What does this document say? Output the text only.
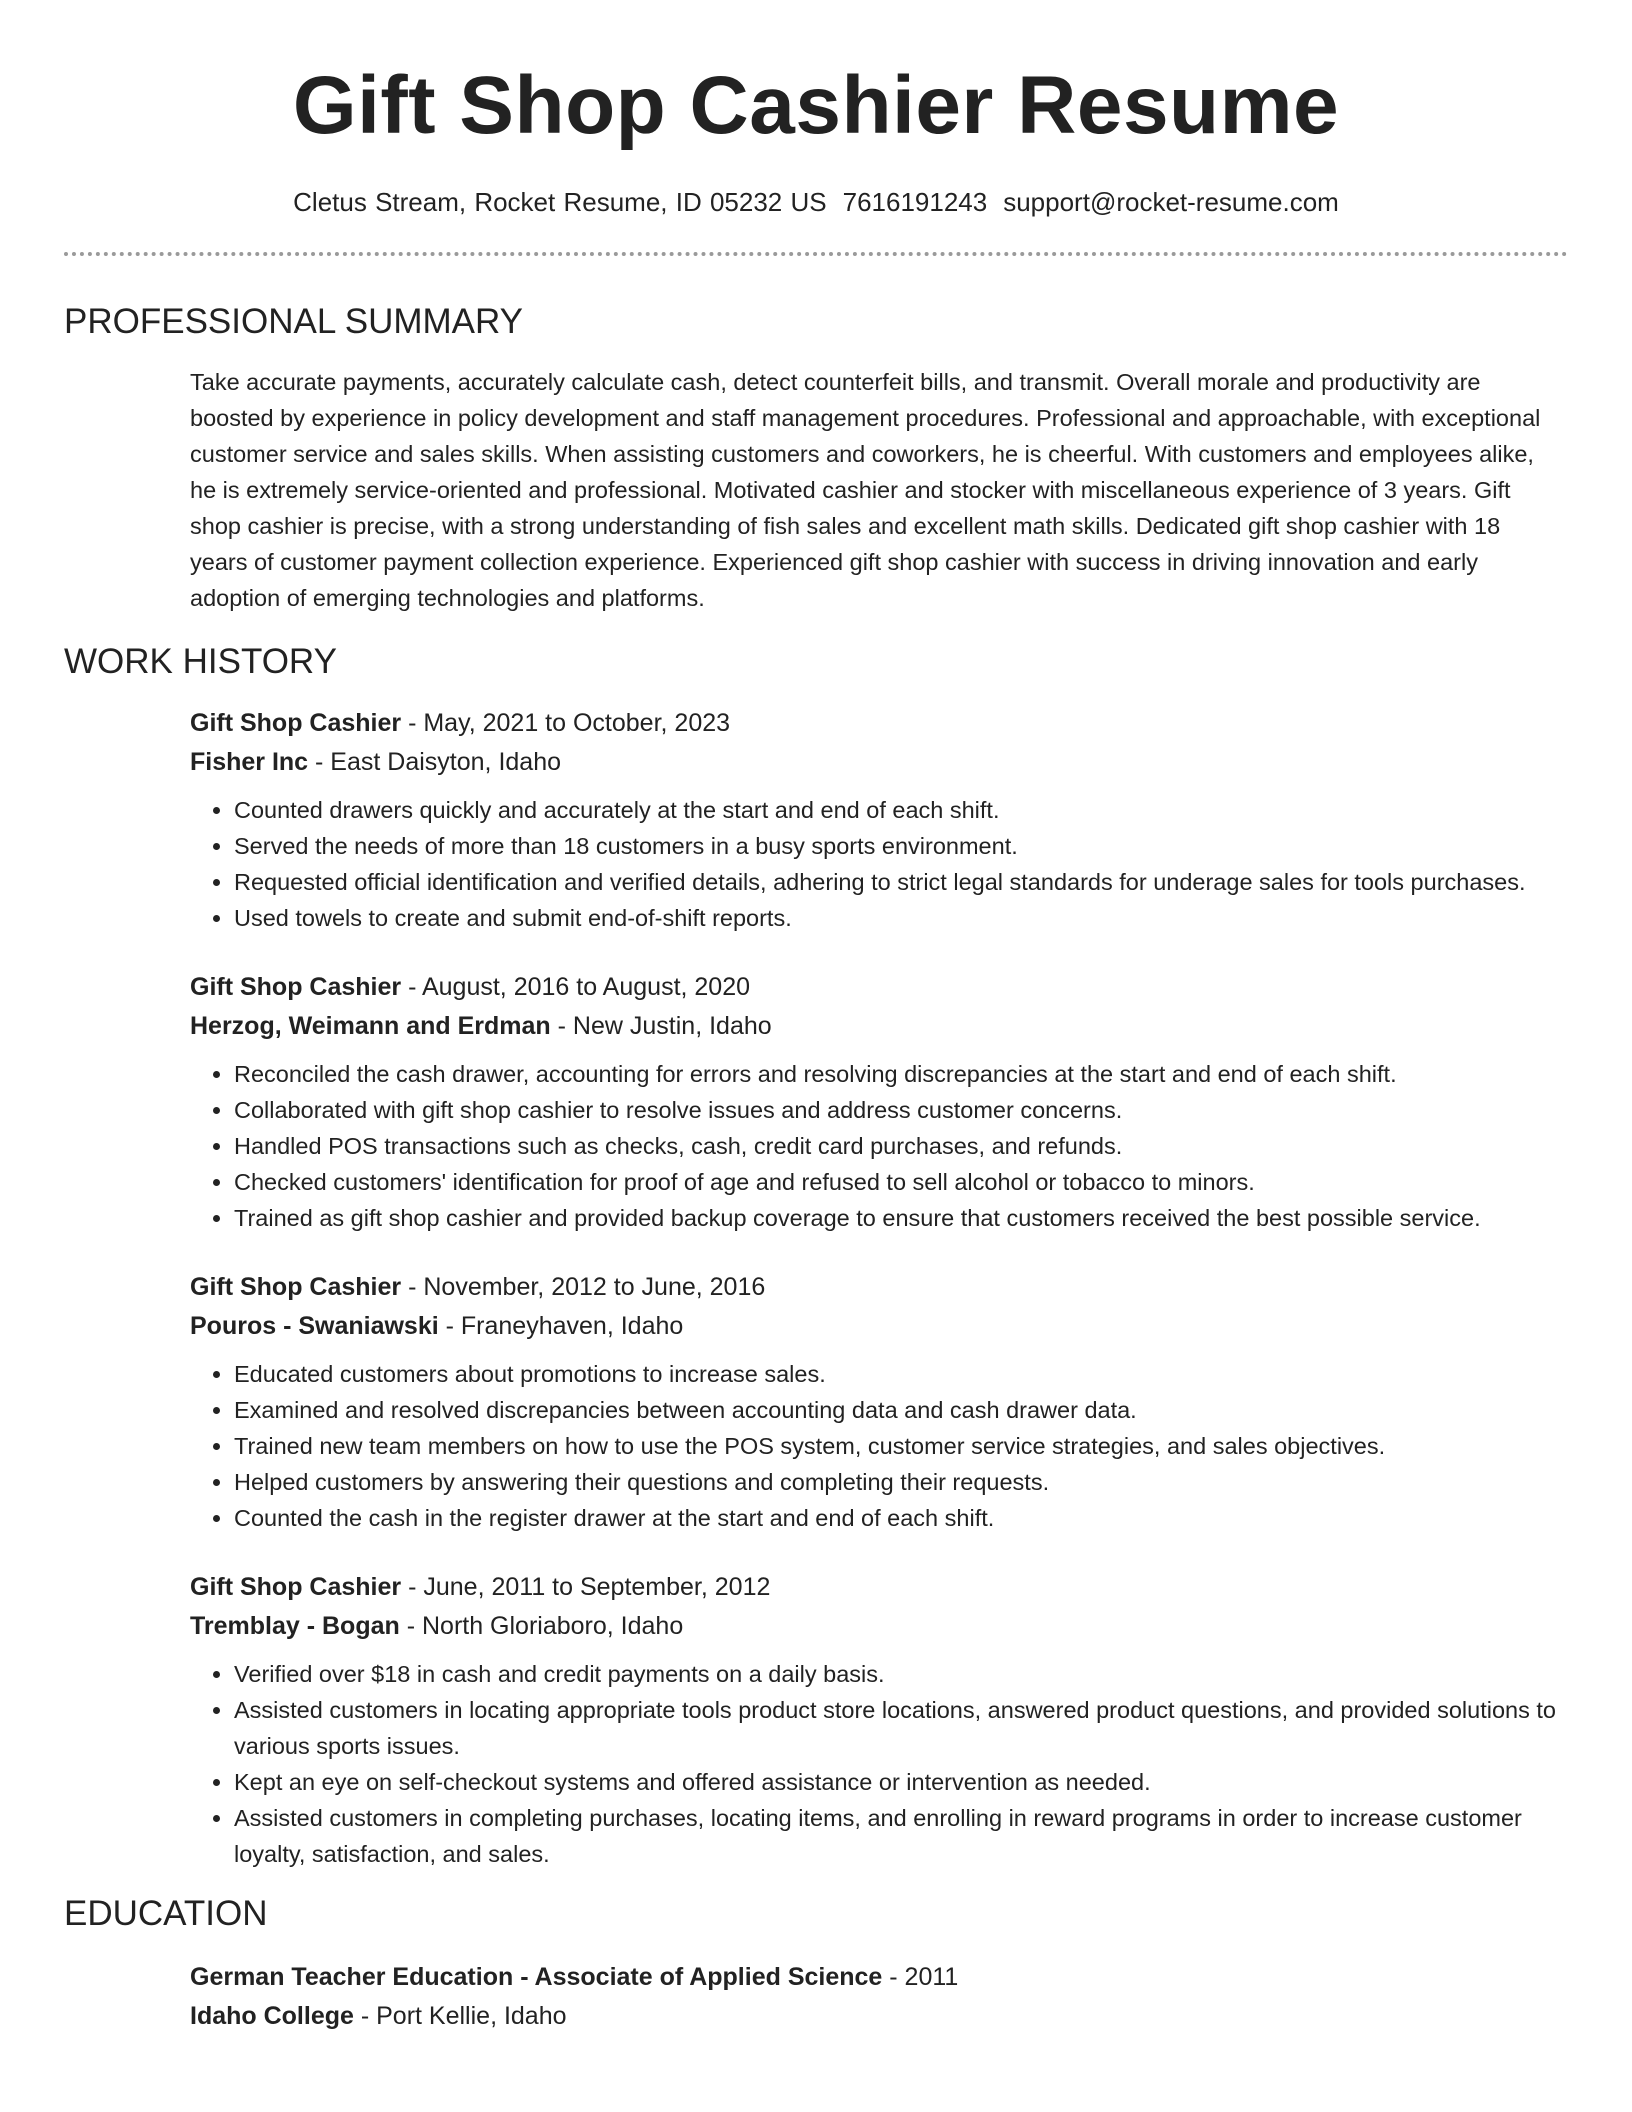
Gift Shop Cashier Resume
Cletus Stream, Rocket Resume, ID 05232 US 7616191243 support@rocket-resume.com
PROFESSIONAL SUMMARY

Take accurate payments, accurately calculate cash, detect counterfeit bills, and transmit. Overall morale and productivity are boosted by experience in policy development and staff management procedures. Professional and approachable, with exceptional customer service and sales skills. When assisting customers and coworkers, he is cheerful. With customers and employees alike, he is extremely service-oriented and professional. Motivated cashier and stocker with miscellaneous experience of 3 years. Gift shop cashier is precise, with a strong understanding of fish sales and excellent math skills. Dedicated gift shop cashier with 18 years of customer payment collection experience. Experienced gift shop cashier with success in driving innovation and early adoption of emerging technologies and platforms.

WORK HISTORY
Gift Shop Cashier - May, 2021 to October, 2023
Fisher Inc - East Daisyton, Idaho
• Counted drawers quickly and accurately at the start and end of each shift.
• Served the needs of more than 18 customers in a busy sports environment.
• Requested official identification and verified details, adhering to strict legal standards for underage sales for tools purchases.
• Used towels to create and submit end-of-shift reports.
Gift Shop Cashier - August, 2016 to August, 2020
Herzog, Weimann and Erdman - New Justin, Idaho
• Reconciled the cash drawer, accounting for errors and resolving discrepancies at the start and end of each shift.
• Collaborated with gift shop cashier to resolve issues and address customer concerns.
• Handled POS transactions such as checks, cash, credit card purchases, and refunds.
• Checked customers' identification for proof of age and refused to sell alcohol or tobacco to minors.
• Trained as gift shop cashier and provided backup coverage to ensure that customers received the best possible service.
Gift Shop Cashier - November, 2012 to June, 2016
Pouros - Swaniawski - Franeyhaven, Idaho
• Educated customers about promotions to increase sales.
• Examined and resolved discrepancies between accounting data and cash drawer data.
• Trained new team members on how to use the POS system, customer service strategies, and sales objectives.
• Helped customers by answering their questions and completing their requests.
• Counted the cash in the register drawer at the start and end of each shift.
Gift Shop Cashier - June, 2011 to September, 2012
Tremblay - Bogan - North Gloriaboro, Idaho
• Verified over $18 in cash and credit payments on a daily basis.
• Assisted customers in locating appropriate tools product store locations, answered product questions, and provided solutions to various sports issues.
• Kept an eye on self-checkout systems and offered assistance or intervention as needed.
• Assisted customers in completing purchases, locating items, and enrolling in reward programs in order to increase customer loyalty, satisfaction, and sales.
EDUCATION
German Teacher Education - Associate of Applied Science - 2011
Idaho College - Port Kellie, Idaho
